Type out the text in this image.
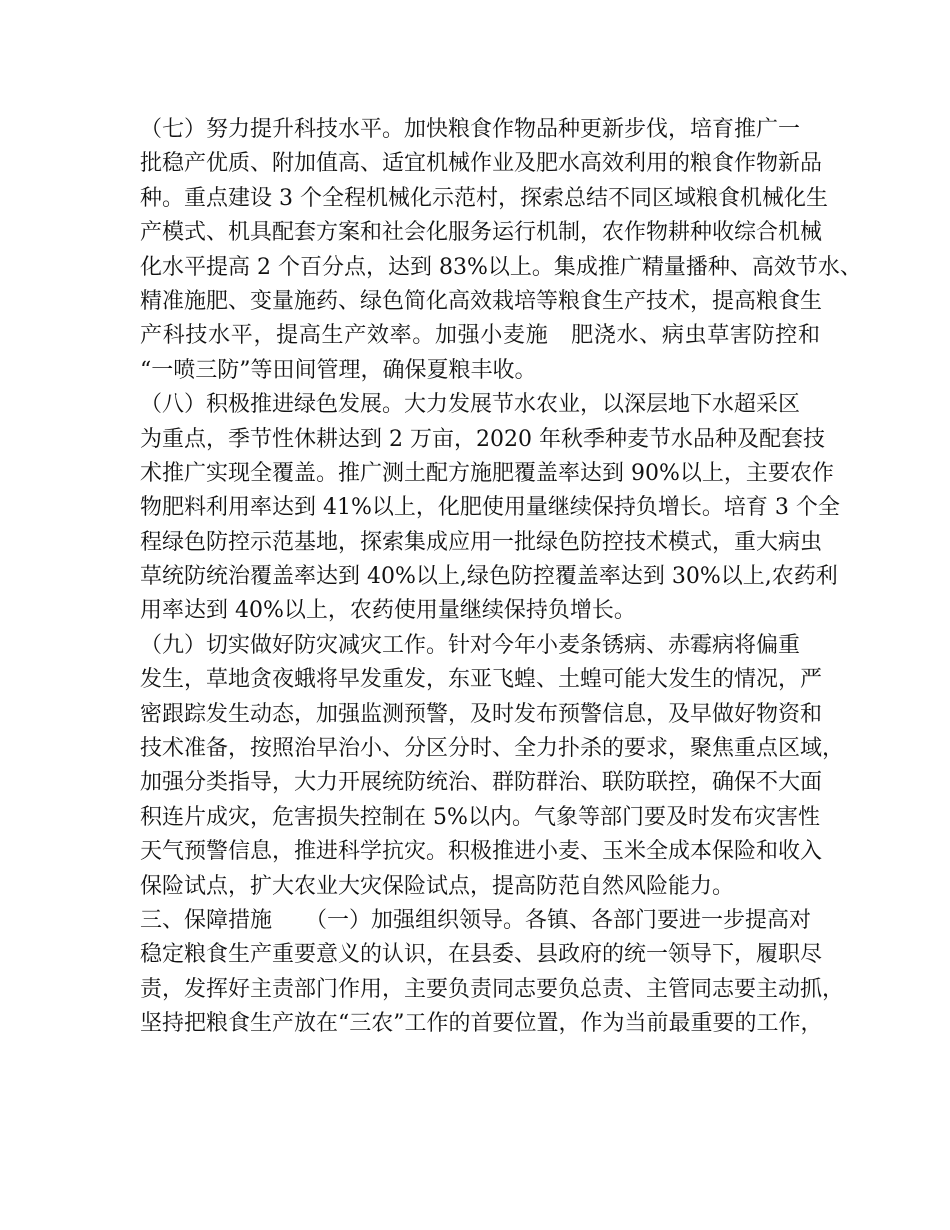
（七）努力提升科技水平。加快粮食作物品种更新步伐，培育推广一
批稳产优质、附加值高、适宜机械作业及肥水高效利用的粮食作物新品
种。重点建设 3 个全程机械化示范村，探索总结不同区域粮食机械化生
产模式、机具配套方案和社会化服务运行机制，农作物耕种收综合机械
化水平提高 2 个百分点，达到 83%以上。集成推广精量播种、高效节水、
精准施肥、变量施药、绿色简化高效栽培等粮食生产技术，提高粮食生
产科技水平，提高生产效率。加强小麦施　肥浇水、病虫草害防控和
“一喷三防”等田间管理，确保夏粮丰收。
（八）积极推进绿色发展。大力发展节水农业，以深层地下水超采区
为重点，季节性休耕达到 2 万亩，2020 年秋季种麦节水品种及配套技
术推广实现全覆盖。推广测土配方施肥覆盖率达到 90%以上，主要农作
物肥料利用率达到 41%以上，化肥使用量继续保持负增长。培育 3 个全
程绿色防控示范基地，探索集成应用一批绿色防控技术模式，重大病虫
草统防统治覆盖率达到 40%以上,绿色防控覆盖率达到 30%以上,农药利
用率达到 40%以上，农药使用量继续保持负增长。
（九）切实做好防灾减灾工作。针对今年小麦条锈病、赤霉病将偏重
发生，草地贪夜蛾将早发重发，东亚飞蝗、土蝗可能大发生的情况，严
密跟踪发生动态，加强监测预警，及时发布预警信息，及早做好物资和
技术准备，按照治早治小、分区分时、全力扑杀的要求，聚焦重点区域，
加强分类指导，大力开展统防统治、群防群治、联防联控，确保不大面
积连片成灾，危害损失控制在 5%以内。气象等部门要及时发布灾害性
天气预警信息，推进科学抗灾。积极推进小麦、玉米全成本保险和收入
保险试点，扩大农业大灾保险试点，提高防范自然风险能力。
三、保障措施　　（一）加强组织领导。各镇、各部门要进一步提高对
稳定粮食生产重要意义的认识，在县委、县政府的统一领导下，履职尽
责，发挥好主责部门作用，主要负责同志要负总责、主管同志要主动抓，
坚持把粮食生产放在“三农”工作的首要位置，作为当前最重要的工作，
